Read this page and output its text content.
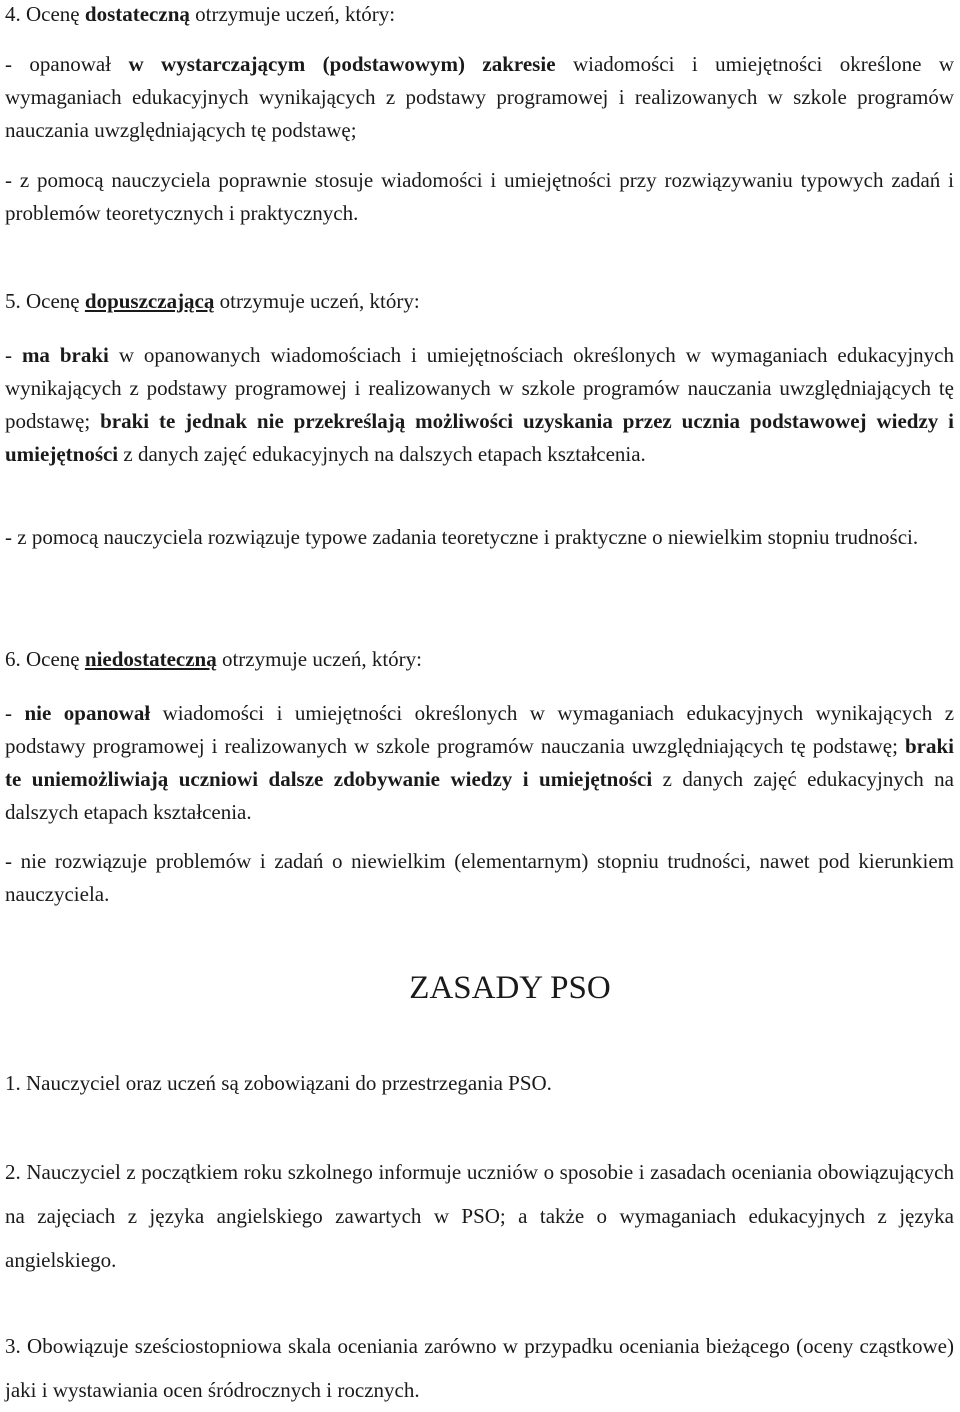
4. Ocenę dostateczną otrzymuje uczeń, który:

- opanował w wystarczającym (podstawowym) zakresie wiadomości i umiejętności określone w wymaganiach edukacyjnych wynikających z podstawy programowej i realizowanych w szkole programów nauczania uwzględniających tę podstawę;

- z pomocą nauczyciela poprawnie stosuje wiadomości i umiejętności przy rozwiązywaniu typowych zadań i problemów teoretycznych i praktycznych.

5. Ocenę dopuszczającą otrzymuje uczeń, który:

- ma braki w opanowanych wiadomościach i umiejętnościach określonych w wymaganiach edukacyjnych wynikających z podstawy programowej i realizowanych w szkole programów nauczania uwzględniających tę podstawę; braki te jednak nie przekreślają możliwości uzyskania przez ucznia podstawowej wiedzy i umiejętności z danych zajęć edukacyjnych na dalszych etapach kształcenia.

- z pomocą nauczyciela rozwiązuje typowe zadania teoretyczne i praktyczne o niewielkim stopniu trudności.

6. Ocenę niedostateczną otrzymuje uczeń, który:

- nie opanował wiadomości i umiejętności określonych w wymaganiach edukacyjnych wynikających z podstawy programowej i realizowanych w szkole programów nauczania uwzględniających tę podstawę; braki te uniemożliwiają uczniowi dalsze zdobywanie wiedzy i umiejętności z danych zajęć edukacyjnych na dalszych etapach kształcenia.

- nie rozwiązuje problemów i zadań o niewielkim (elementarnym) stopniu trudności, nawet pod kierunkiem nauczyciela.

ZASADY PSO

1. Nauczyciel oraz uczeń są zobowiązani do przestrzegania PSO.

2. Nauczyciel z początkiem roku szkolnego informuje uczniów o sposobie i zasadach oceniania obowiązujących na zajęciach z języka angielskiego zawartych w PSO; a także o wymaganiach edukacyjnych z języka angielskiego.

3. Obowiązuje sześciostopniowa skala oceniania zarówno w przypadku oceniania bieżącego (oceny cząstkowe) jaki i wystawiania ocen śródrocznych i rocznych.
